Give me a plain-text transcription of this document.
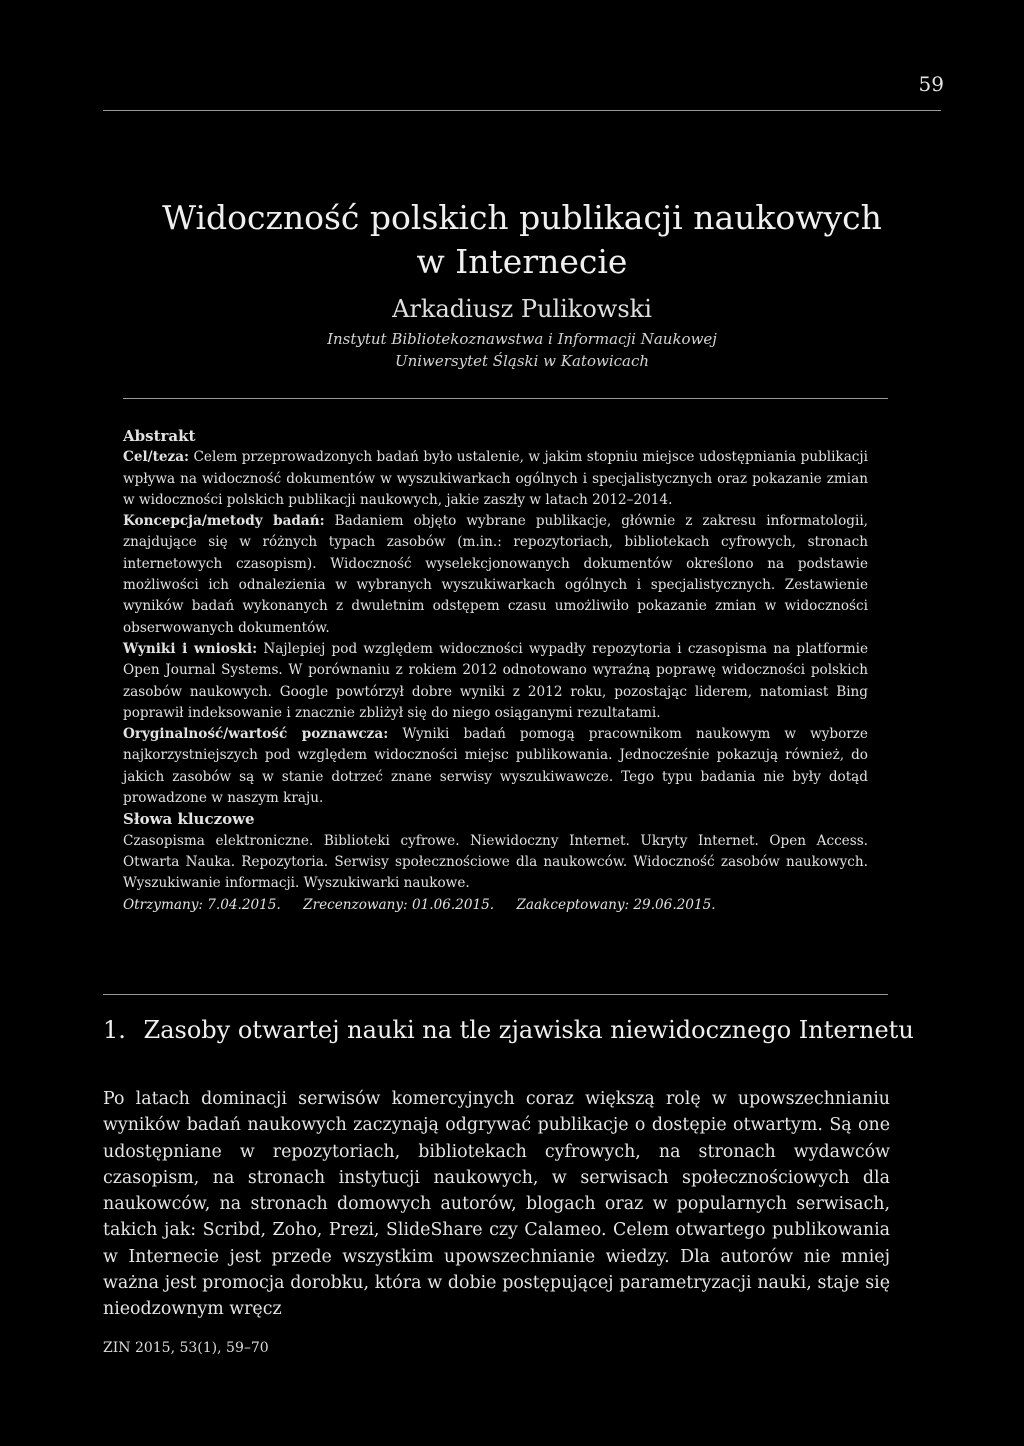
59
Widoczność polskich publikacji naukowych
w Internecie
Arkadiusz Pulikowski
Instytut Bibliotekoznawstwa i Informacji Naukowej
Uniwersytet Śląski w Katowicach

Abstrakt

Cel/teza: Celem przeprowadzonych badań było ustalenie, w jakim stopniu miejsce udostępniania publikacji wpływa na widoczność dokumentów w wyszukiwarkach ogólnych i specjalistycznych oraz pokazanie zmian w widoczności polskich publikacji naukowych, jakie zaszły w latach 2012–2014.

Koncepcja/metody badań: Badaniem objęto wybrane publikacje, głównie z zakresu informatologii, znajdujące się w różnych typach zasobów (m.in.: repozytoriach, bibliotekach cyfrowych, stronach internetowych czasopism). Widoczność wyselekcjonowanych dokumentów określono na podstawie możliwości ich odnalezienia w wybranych wyszukiwarkach ogólnych i specjalistycznych. Zestawienie wyników badań wykonanych z dwuletnim odstępem czasu umożliwiło pokazanie zmian w widoczności obserwowanych dokumentów.

Wyniki i wnioski: Najlepiej pod względem widoczności wypadły repozytoria i czasopisma na platformie Open Journal Systems. W porównaniu z rokiem 2012 odnotowano wyraźną poprawę widoczności polskich zasobów naukowych. Google powtórzył dobre wyniki z 2012 roku, pozostając liderem, natomiast Bing poprawił indeksowanie i znacznie zbliżył się do niego osiąganymi rezultatami.

Oryginalność/wartość poznawcza: Wyniki badań pomogą pracownikom naukowym w wyborze najkorzystniejszych pod względem widoczności miejsc publikowania. Jednocześnie pokazują również, do jakich zasobów są w stanie dotrzeć znane serwisy wyszukiwawcze. Tego typu badania nie były dotąd prowadzone w naszym kraju.

Słowa kluczowe

Czasopisma elektroniczne. Biblioteki cyfrowe. Niewidoczny Internet. Ukryty Internet. Open Access. Otwarta Nauka. Repozytoria. Serwisy społecznościowe dla naukowców. Widoczność zasobów naukowych. Wyszukiwanie informacji. Wyszukiwarki naukowe.

Otrzymany: 7.04.2015. Zrecenzowany: 01.06.2015. Zaakceptowany: 29.06.2015.

1. Zasoby otwartej nauki na tle zjawiska niewidocznego Internetu

Po latach dominacji serwisów komercyjnych coraz większą rolę w upowszechnianiu wyników badań naukowych zaczynają odgrywać publikacje o dostępie otwartym. Są one udostępniane w repozytoriach, bibliotekach cyfrowych, na stronach wydawców czasopism, na stronach instytucji naukowych, w serwisach społecznościowych dla naukowców, na stronach domowych autorów, blogach oraz w popularnych serwisach, takich jak: Scribd, Zoho, Prezi, SlideShare czy Calameo. Celem otwartego publikowania w Internecie jest przede wszystkim upowszechnianie wiedzy. Dla autorów nie mniej ważna jest promocja dorobku, która w dobie postępującej parametryzacji nauki, staje się nieodzownym wręcz

ZIN 2015, 53(1), 59–70
